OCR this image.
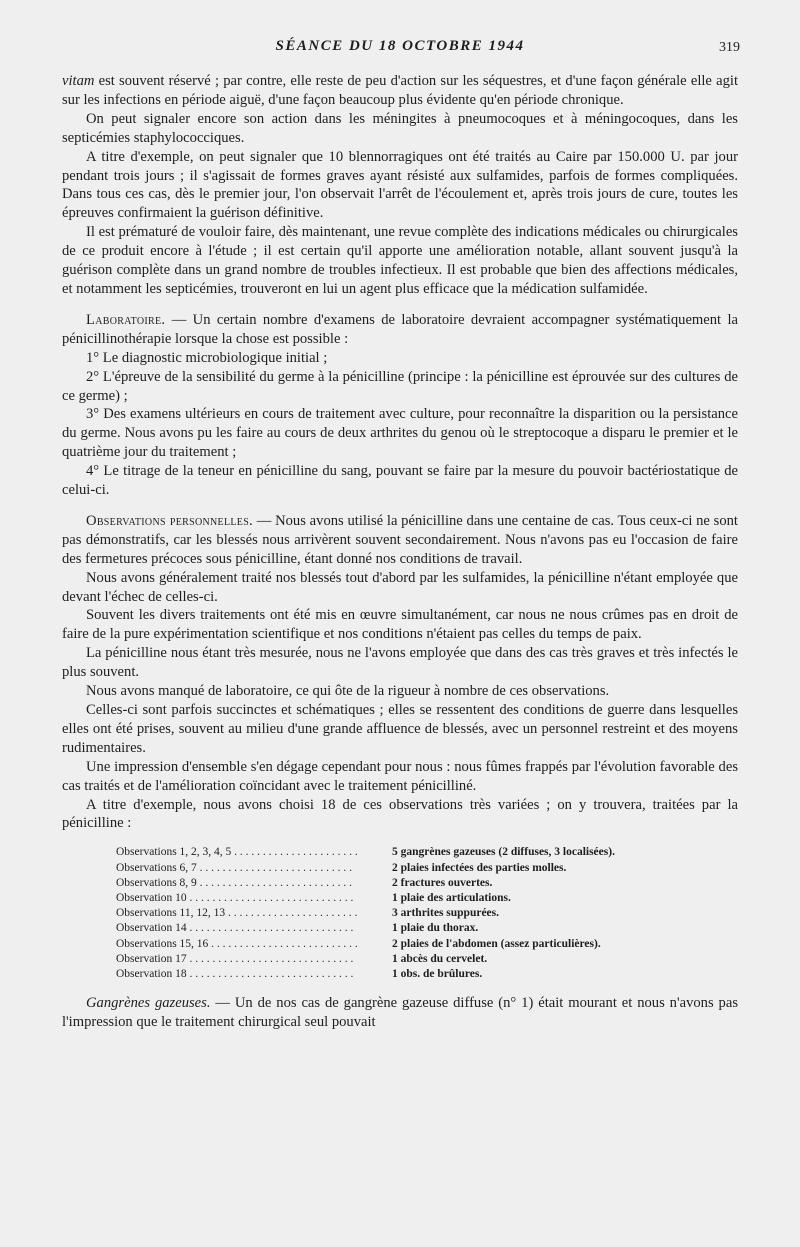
SÉANCE DU 18 OCTOBRE 1944	319

vitam est souvent réservé ; par contre, elle reste de peu d'action sur les séquestres, et d'une façon générale elle agit sur les infections en période aiguë, d'une façon beaucoup plus évidente qu'en période chronique.

On peut signaler encore son action dans les méningites à pneumocoques et à méningocoques, dans les septicémies staphylococciques.

A titre d'exemple, on peut signaler que 10 blennorragiques ont été traités au Caire par 150.000 U. par jour pendant trois jours ; il s'agissait de formes graves ayant résisté aux sulfamides, parfois de formes compliquées. Dans tous ces cas, dès le premier jour, l'on observait l'arrêt de l'écoulement et, après trois jours de cure, toutes les épreuves confirmaient la guérison définitive.

Il est prématuré de vouloir faire, dès maintenant, une revue complète des indications médicales ou chirurgicales de ce produit encore à l'étude ; il est certain qu'il apporte une amélioration notable, allant souvent jusqu'à la guérison complète dans un grand nombre de troubles infectieux. Il est probable que bien des affections médicales, et notamment les septicémies, trouveront en lui un agent plus efficace que la médication sulfamidée.

Laboratoire. — Un certain nombre d'examens de laboratoire devraient accompagner systématiquement la pénicillinothérapie lorsque la chose est possible :

1° Le diagnostic microbiologique initial ;

2° L'épreuve de la sensibilité du germe à la pénicilline (principe : la pénicilline est éprouvée sur des cultures de ce germe) ;

3° Des examens ultérieurs en cours de traitement avec culture, pour reconnaître la disparition ou la persistance du germe. Nous avons pu les faire au cours de deux arthrites du genou où le streptocoque a disparu le premier et le quatrième jour du traitement ;

4° Le titrage de la teneur en pénicilline du sang, pouvant se faire par la mesure du pouvoir bactériostatique de celui-ci.

Observations personnelles. — Nous avons utilisé la pénicilline dans une centaine de cas. Tous ceux-ci ne sont pas démonstratifs, car les blessés nous arrivèrent souvent secondairement. Nous n'avons pas eu l'occasion de faire des fermetures précoces sous pénicilline, étant donné nos conditions de travail.

Nous avons généralement traité nos blessés tout d'abord par les sulfamides, la pénicilline n'étant employée que devant l'échec de celles-ci.

Souvent les divers traitements ont été mis en œuvre simultanément, car nous ne nous crûmes pas en droit de faire de la pure expérimentation scientifique et nos conditions n'étaient pas celles du temps de paix.

La pénicilline nous étant très mesurée, nous ne l'avons employée que dans des cas très graves et très infectés le plus souvent.

Nous avons manqué de laboratoire, ce qui ôte de la rigueur à nombre de ces observations.

Celles-ci sont parfois succinctes et schématiques ; elles se ressentent des conditions de guerre dans lesquelles elles ont été prises, souvent au milieu d'une grande affluence de blessés, avec un personnel restreint et des moyens rudimentaires.

Une impression d'ensemble s'en dégage cependant pour nous : nous fûmes frappés par l'évolution favorable des cas traités et de l'amélioration coïncidant avec le traitement pénicilliné.

A titre d'exemple, nous avons choisi 18 de ces observations très variées ; on y trouvera, traitées par la pénicilline :

Observations 1, 2, 3, 4, 5 . . . . . . . . . . . . . . . . . . . . . .	5 gangrènes gazeuses (2 diffuses, 3 localisées).
Observations 6, 7 . . . . . . . . . . . . . . . . . . . . . . . . . . .	2 plaies infectées des parties molles.
Observations 8, 9 . . . . . . . . . . . . . . . . . . . . . . . . . . .	2 fractures ouvertes.
Observation 10 . . . . . . . . . . . . . . . . . . . . . . . . . . . . .	1 plaie des articulations.
Observations 11, 12, 13 . . . . . . . . . . . . . . . . . . . . . . .	3 arthrites suppurées.
Observation 14 . . . . . . . . . . . . . . . . . . . . . . . . . . . . .	1 plaie du thorax.
Observations 15, 16 . . . . . . . . . . . . . . . . . . . . . . . . . .	2 plaies de l'abdomen (assez particulières).
Observation 17 . . . . . . . . . . . . . . . . . . . . . . . . . . . . .	1 abcès du cervelet.
Observation 18 . . . . . . . . . . . . . . . . . . . . . . . . . . . . .	1 obs. de brûlures.

Gangrènes gazeuses. — Un de nos cas de gangrène gazeuse diffuse (n° 1) était mourant et nous n'avons pas l'impression que le traitement chirurgical seul pouvait
